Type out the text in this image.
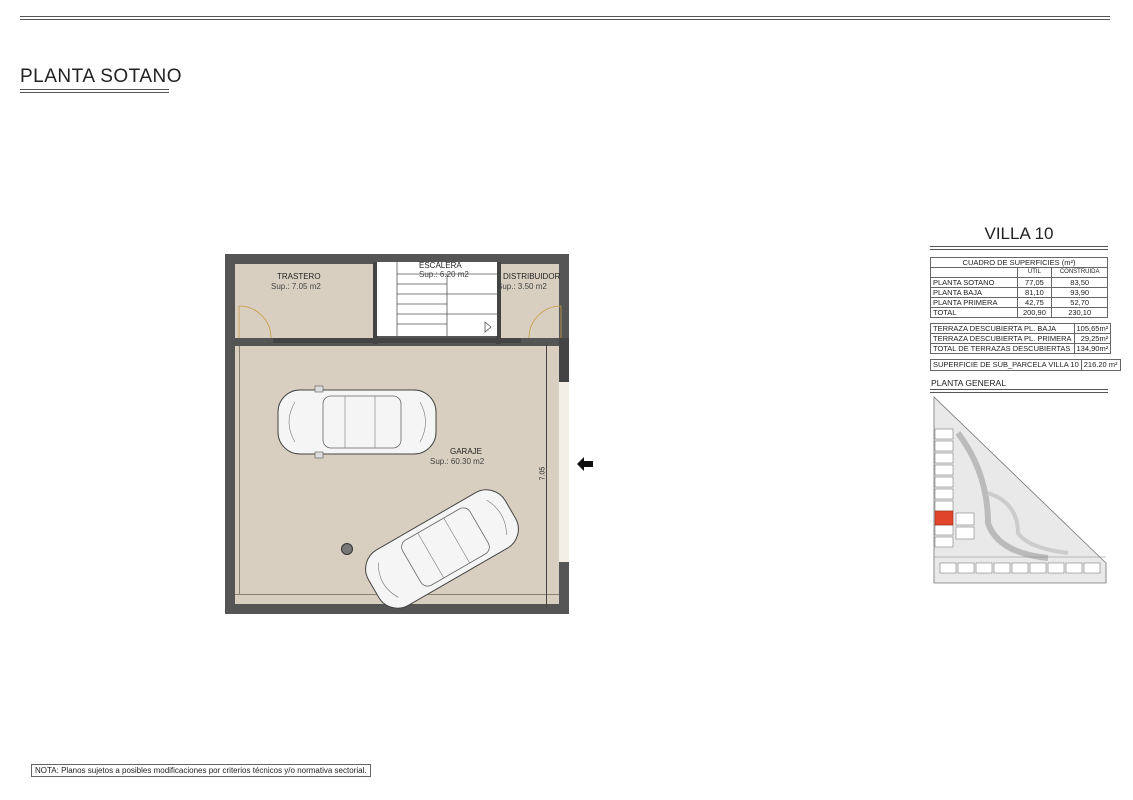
PLANTA SOTANO
TRASTERO
Sup.: 7.05 m2
ESCALERA
Sup.: 6.20 m2	DISTRIBUIDOR
Sup.: 3.50 m2
GARAJE
Sup.: 60.30 m2
7.05
VILLA 10
CUADRO DE SUPERFICIES (m²)		
	UTIL	CONSTRUIDA
PLANTA SOTANO	77,05	83,50
PLANTA BAJA	81,10	93,90
PLANTA PRIMERA	42,75	52,70
TOTAL	200,90	230,10
TERRAZA DESCUBIERTA PL. BAJA	105,65m²
TERRAZA DESCUBIERTA PL. PRIMERA	29,25m²
TOTAL DE TERRAZAS DESCUBIERTAS	134,90m²
SUPERFICIE DE SUB_PARCELA VILLA 10	216.20 m²
PLANTA GENERAL
NOTA: Planos sujetos a posibles modificaciones por criterios técnicos y/o normativa sectorial.
